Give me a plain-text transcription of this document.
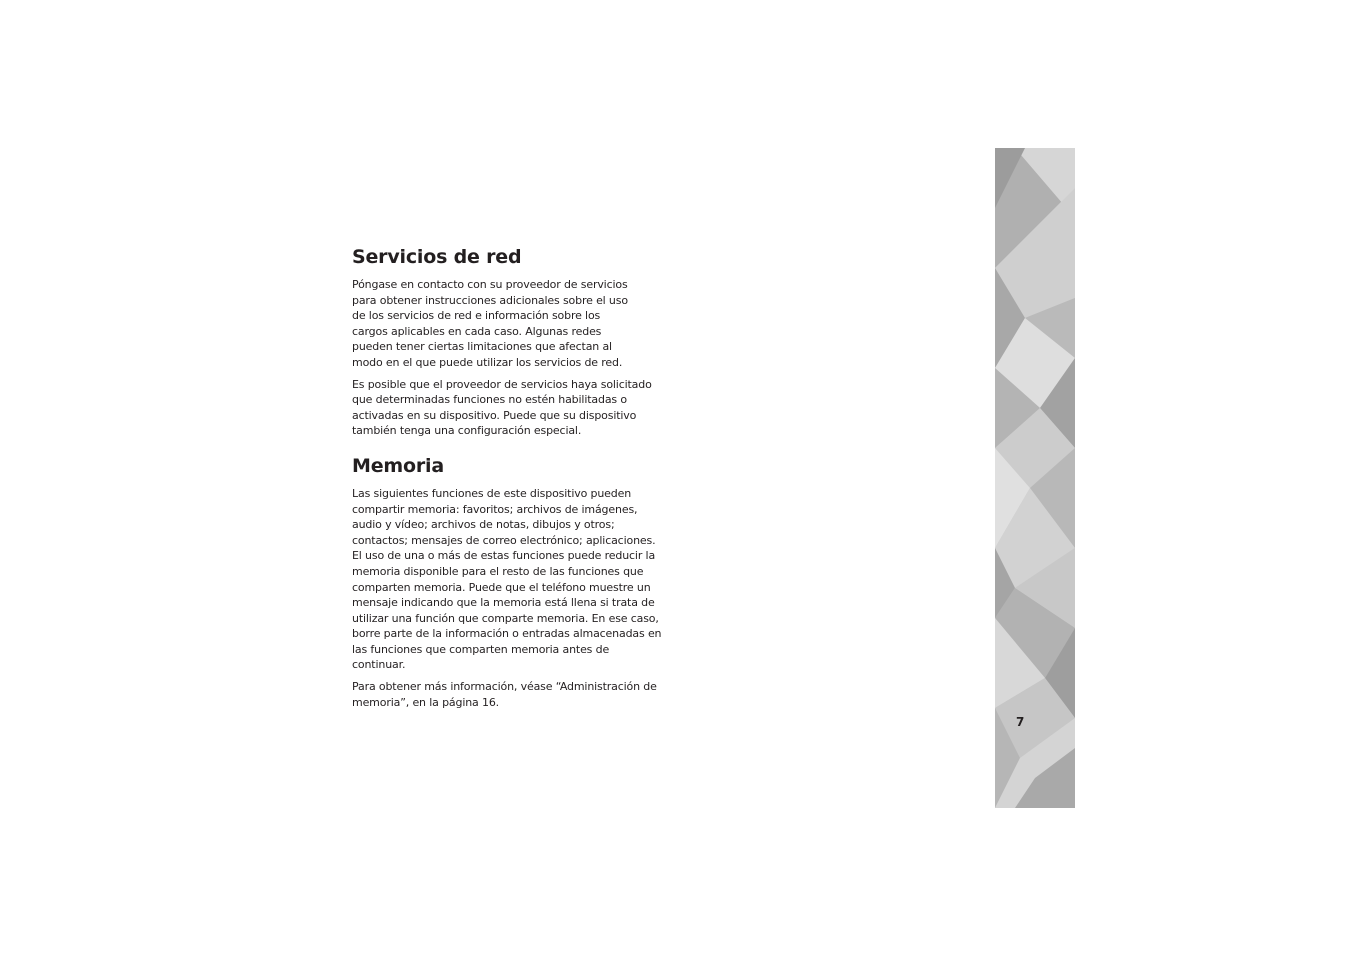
Servicios de red

Póngase en contacto con su proveedor de servicios para obtener instrucciones adicionales sobre el uso de los servicios de red e información sobre los cargos aplicables en cada caso. Algunas redes pueden tener ciertas limitaciones que afectan al modo en el que puede utilizar los servicios de red.

Es posible que el proveedor de servicios haya solicitado que determinadas funciones no estén habilitadas o activadas en su dispositivo. Puede que su dispositivo también tenga una configuración especial.

Memoria

Las siguientes funciones de este dispositivo pueden compartir memoria: favoritos; archivos de imágenes, audio y vídeo; archivos de notas, dibujos y otros; contactos; mensajes de correo electrónico; aplicaciones. El uso de una o más de estas funciones puede reducir la memoria disponible para el resto de las funciones que comparten memoria. Puede que el teléfono muestre un mensaje indicando que la memoria está llena si trata de utilizar una función que comparte memoria. En ese caso, borre parte de la información o entradas almacenadas en las funciones que comparten memoria antes de continuar.

Para obtener más información, véase “Administración de memoria”, en la página 16.

7
